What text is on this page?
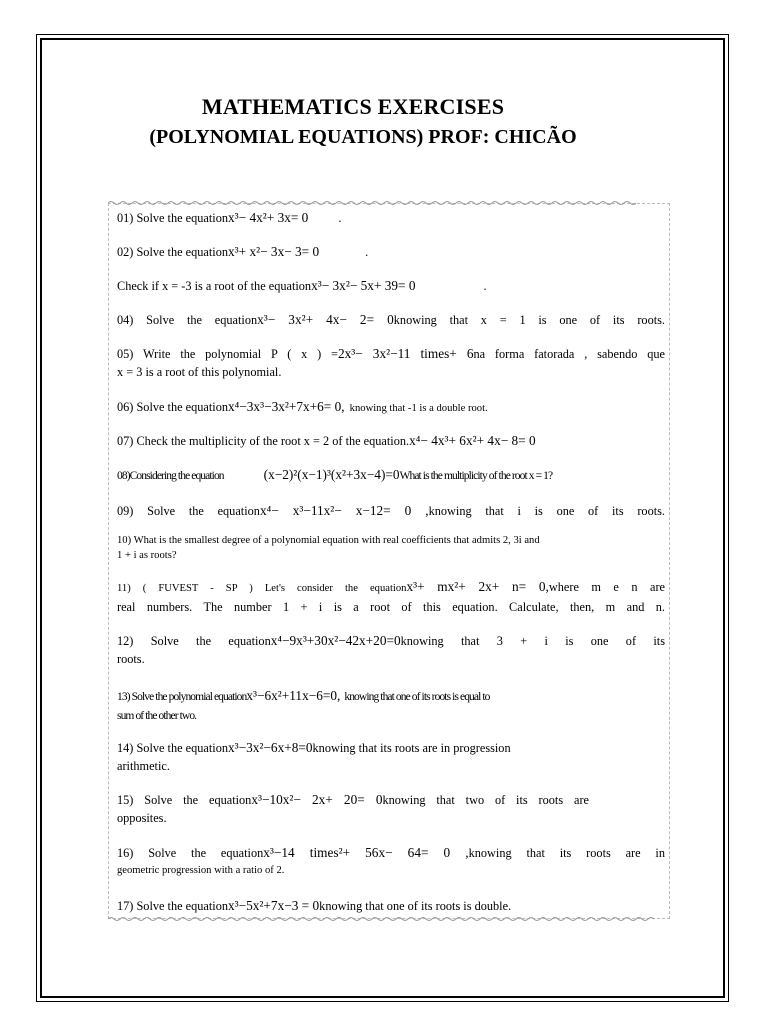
MATHEMATICS EXERCISES
(POLYNOMIAL EQUATIONS) PROF: CHICÃO
01) Solve the equationx³− 4x²+ 3x= 0 .
02) Solve the equationx³+ x²− 3x− 3= 0	.
Check if x = -3 is a root of the equationx³− 3x²− 5x+ 39= 0	.
04) Solve the equationx³− 3x²+ 4x− 2= 0knowing that x = 1 is one of its roots.
05) Write the polynomial P ( x ) =2x³− 3x²−11 times+ 6na forma fatorada , sabendo que
x = 3 is a root of this polynomial.
06) Solve the equationx⁴−3x³−3x²+7x+6= 0, knowing that -1 is a double root.
07) Check the multiplicity of the root x = 2 of the equation.x⁴− 4x³+ 6x²+ 4x− 8= 0
08)Considering the equation	(x−2)²(x−1)³(x²+3x−4)=0What is the multiplicity of the root x = 1?
09) Solve the equationx⁴− x³−11x²− x−12= 0 ,knowing that i is one of its roots.
10) What is the smallest degree of a polynomial equation with real coefficients that admits 2, 3i and
1 + i as roots?
11) ( FUVEST - SP ) Let's consider the equationx³+ mx²+ 2x+ n= 0,where m e n are
real numbers. The number 1 + i is a root of this equation. Calculate, then, m and n.
12) Solve the equationx⁴−9x³+30x²−42x+20=0knowing that 3 + i is one of its
roots.
13) Solve the polynomial equationx³−6x²+11x−6=0, knowing that one of its roots is equal to
sum of the other two.
14) Solve the equationx³−3x²−6x+8=0knowing that its roots are in progression
arithmetic.
15) Solve the equationx³−10x²− 2x+ 20= 0knowing that two of its roots are
opposites.
16) Solve the equationx³−14 times²+ 56x− 64= 0 ,knowing that its roots are in
geometric progression with a ratio of 2.
17) Solve the equationx³−5x²+7x−3 = 0knowing that one of its roots is double.
